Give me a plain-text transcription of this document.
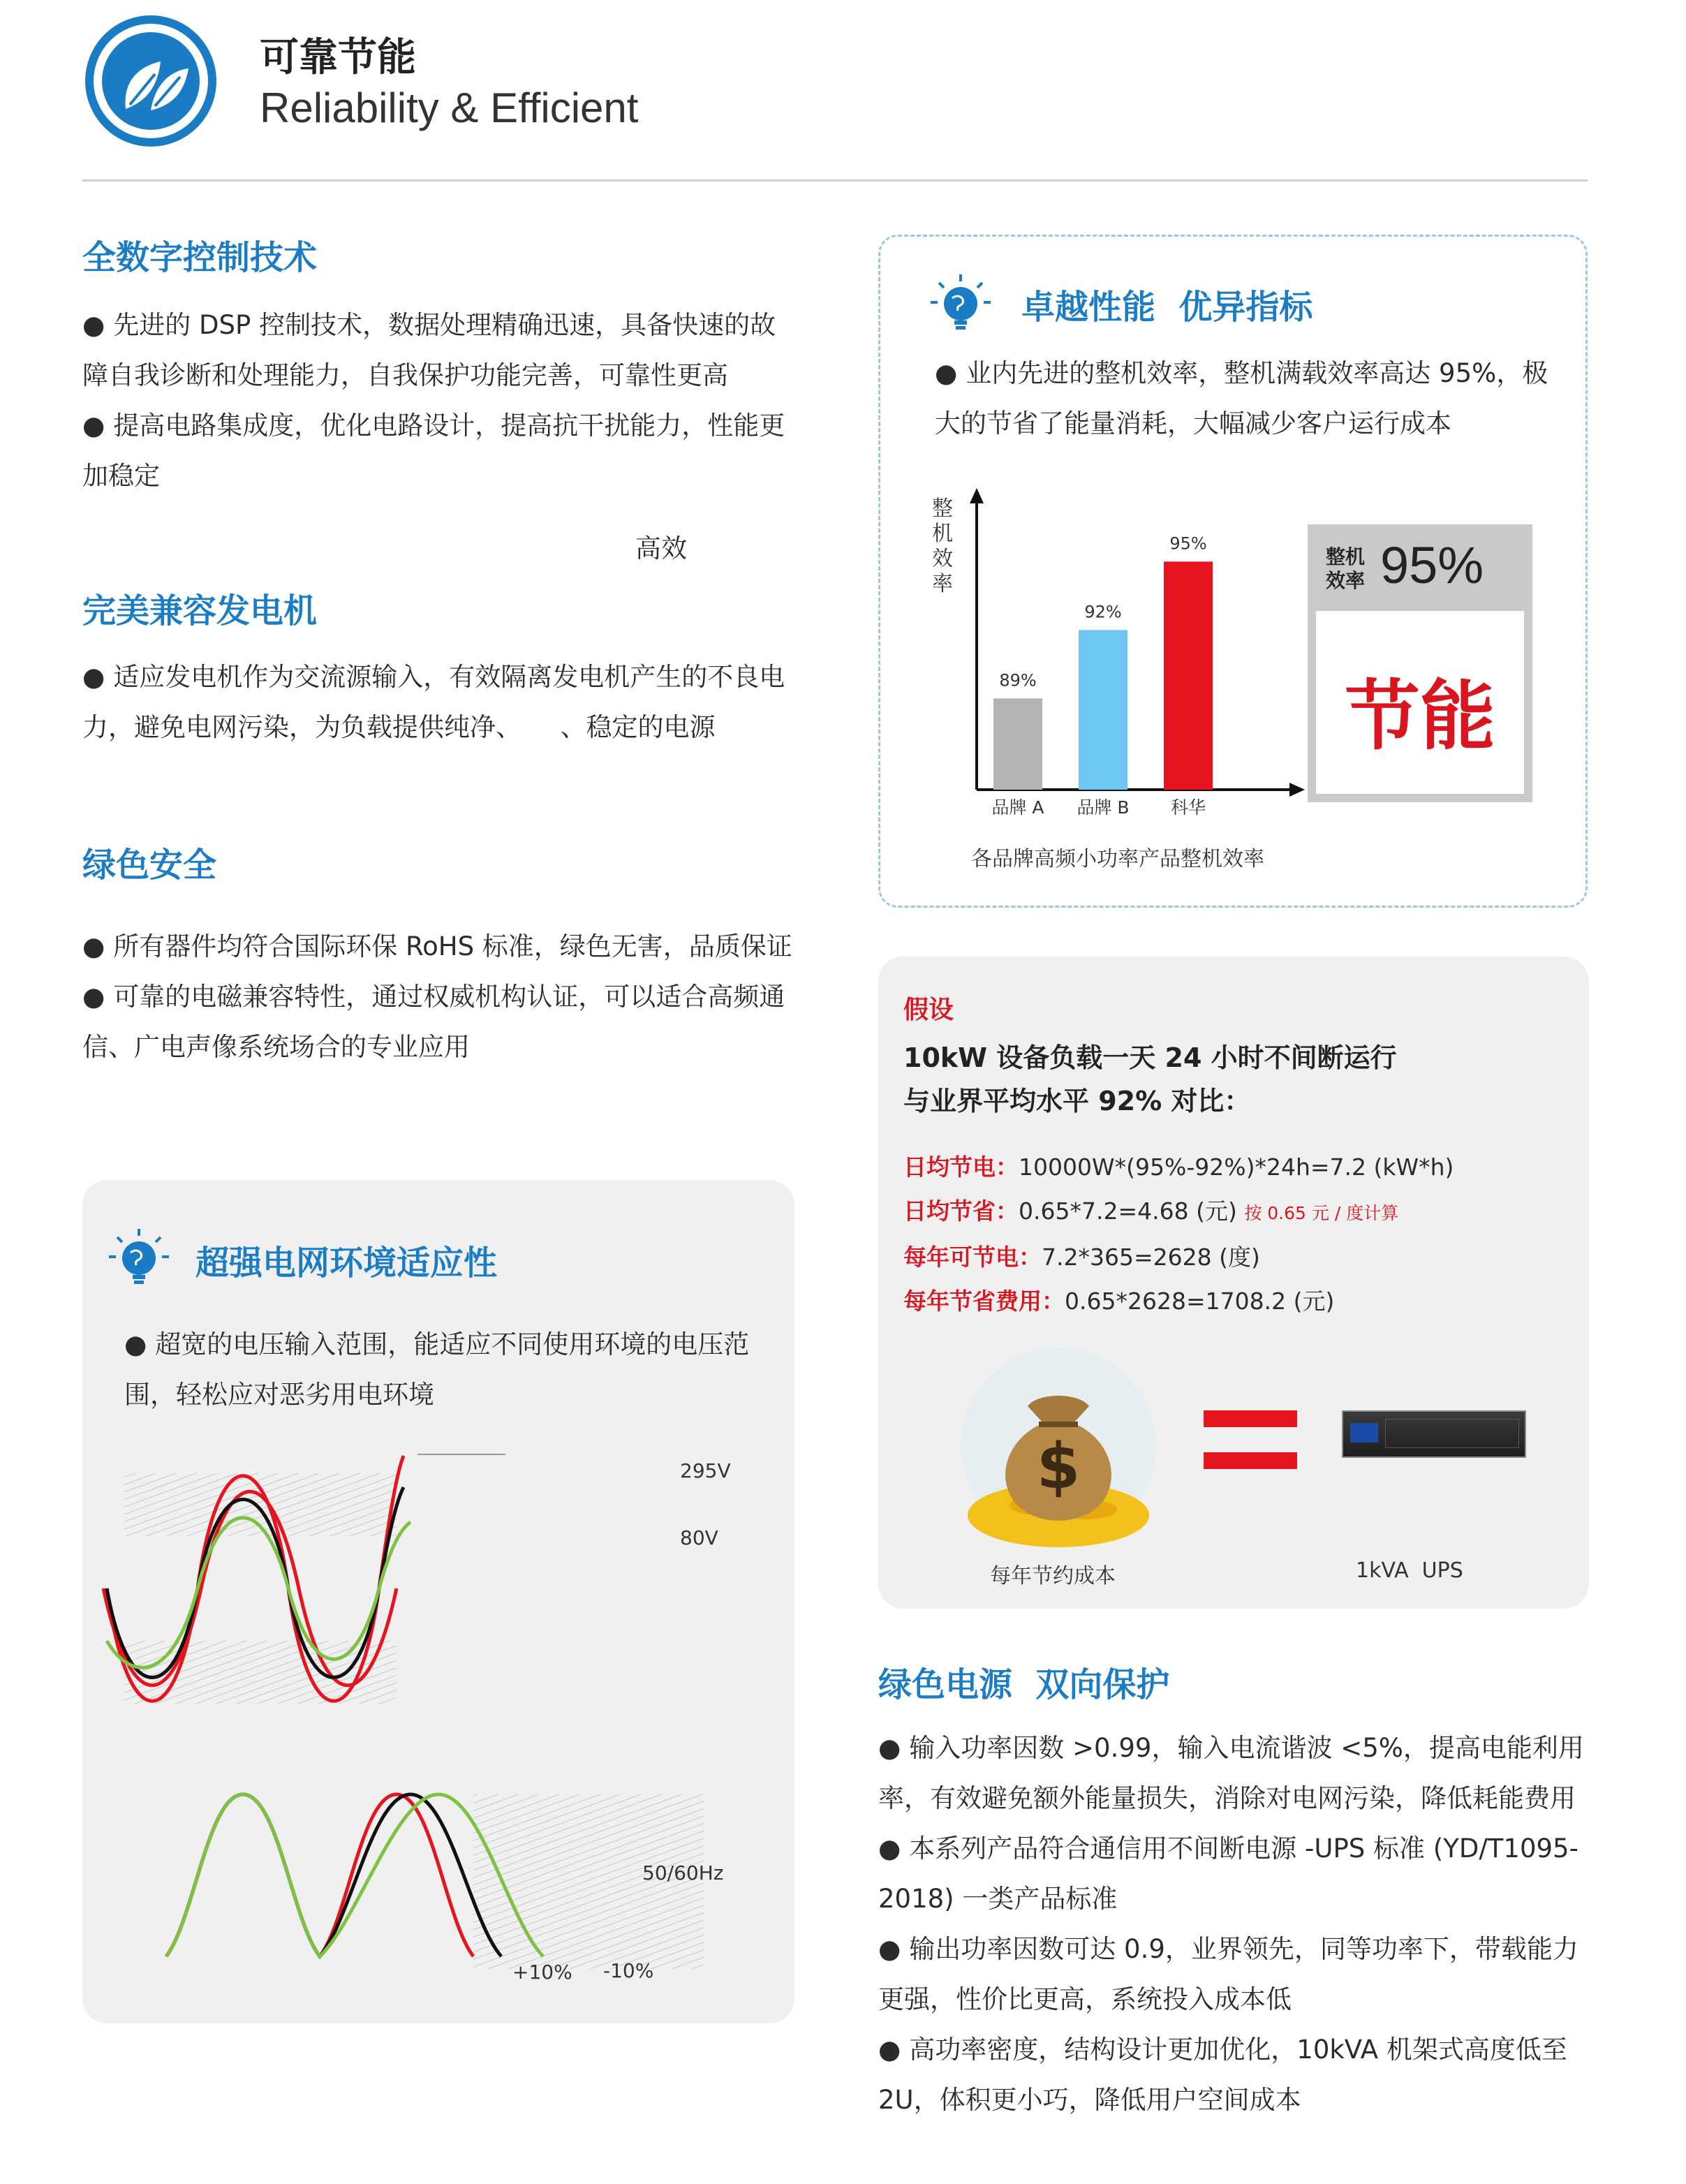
可靠节能
Reliability & Efficient
全数字控制技术
● 先进的 DSP 控制技术，数据处理精确迅速，具备快速的故障自我诊断和处理能力，自我保护功能完善，可靠性更高
● 提高电路集成度，优化电路设计，提高抗干扰能力，性能更加稳定
高效
完美兼容发电机
● 适应发电机作为交流源输入，有效隔离发电机产生的不良电力，避免电网污染，为负载提供纯净、　　、稳定的电源
绿色安全
● 所有器件均符合国际环保 RoHS 标准，绿色无害，品质保证
● 可靠的电磁兼容特性，通过权威机构认证，可以适合高频通信、广电声像系统场合的专业应用
超强电网环境适应性
● 超宽的电压输入范围，能适应不同使用环境的电压范围，轻松应对恶劣用电环境
295V
80V
50/60Hz
+10% -10%
卓越性能  优异指标
● 业内先进的整机效率，整机满载效率高达 95%，极大的节省了能量消耗，大幅减少客户运行成本
整机效率
89%
品牌 A
92%
品牌 B
95%
科华
各品牌高频小功率产品整机效率
整机
效率 95%
节能
假设
10kW 设备负载一天 24 小时不间断运行
与业界平均水平 92% 对比：
日均节电：10000W*(95%-92%)*24h=7.2 (kW*h)
日均节省：0.65*7.2=4.68 (元) 按 0.65 元 / 度计算
每年可节电：7.2*365=2628 (度)
每年节省费用：0.65*2628=1708.2 (元)
$
每年节约成本	1kVA  UPS
绿色电源  双向保护
● 输入功率因数 >0.99，输入电流谐波 <5%，提高电能利用率，有效避免额外能量损失，消除对电网污染，降低耗能费用
● 本系列产品符合通信用不间断电源 -UPS 标准 (YD/T1095-2018) 一类产品标准
● 输出功率因数可达 0.9，业界领先，同等功率下，带载能力更强，性价比更高，系统投入成本低
● 高功率密度，结构设计更加优化，10kVA 机架式高度低至 2U，体积更小巧，降低用户空间成本
